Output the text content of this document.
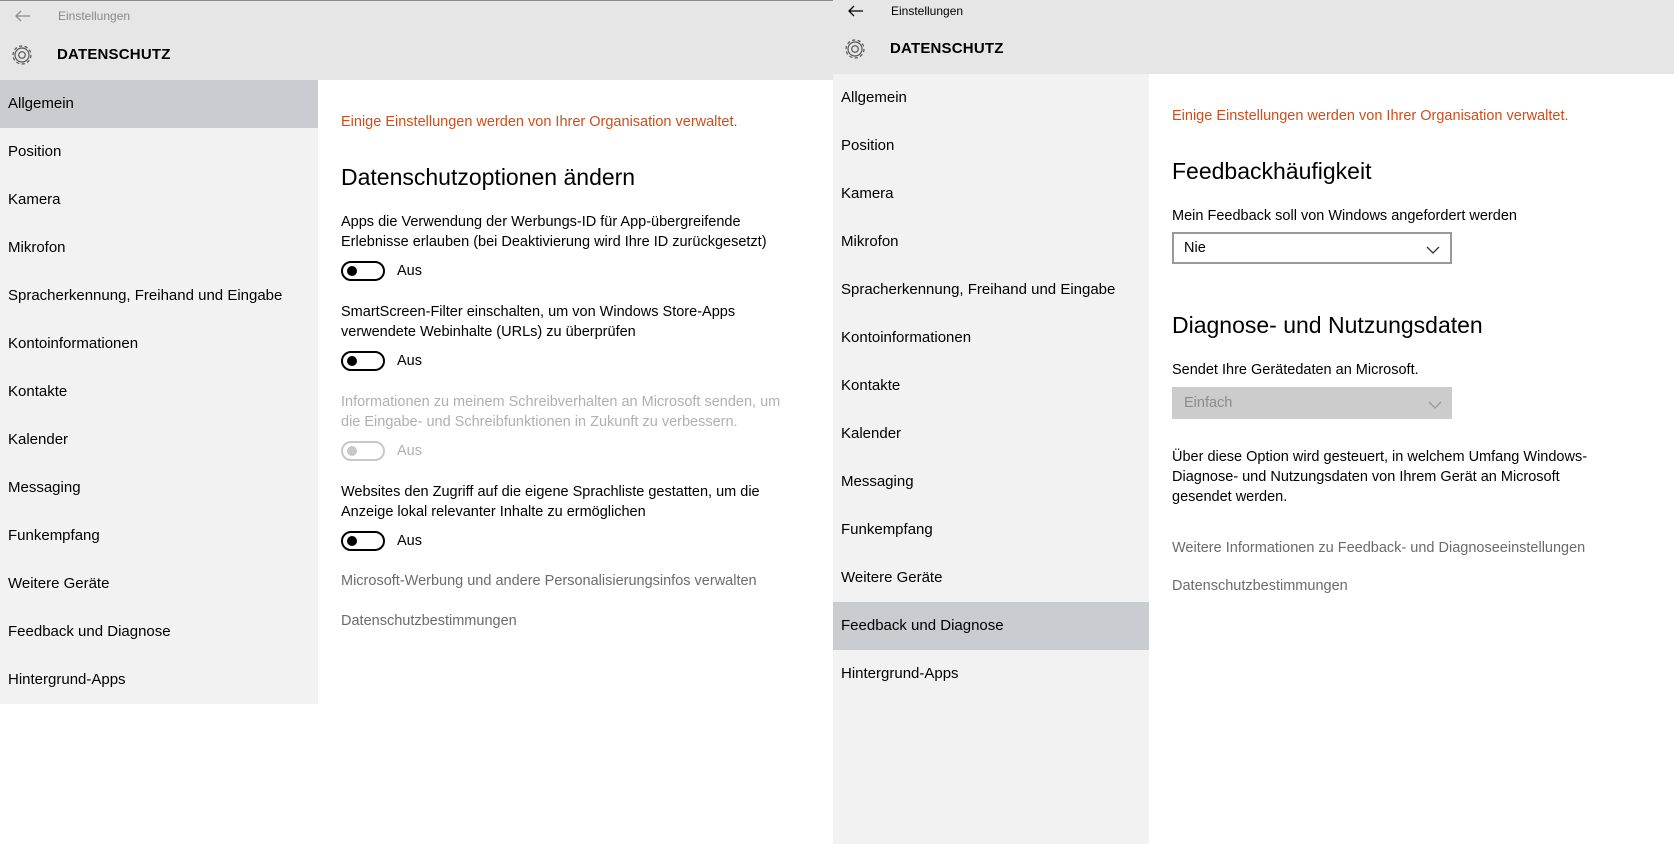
Einstellungen
DATENSCHUTZ
Allgemein
Position
Kamera
Mikrofon
Spracherkennung, Freihand und Eingabe
Kontoinformationen
Kontakte
Kalender
Messaging
Funkempfang
Weitere Geräte
Feedback und Diagnose
Hintergrund-Apps
Einige Einstellungen werden von Ihrer Organisation verwaltet.
Datenschutzoptionen ändern
Apps die Verwendung der Werbungs-ID für App-übergreifende Erlebnisse erlauben (bei Deaktivierung wird Ihre ID zurückgesetzt)
Aus
SmartScreen-Filter einschalten, um von Windows Store-Apps verwendete Webinhalte (URLs) zu überprüfen
Aus
Informationen zu meinem Schreibverhalten an Microsoft senden, um die Eingabe- und Schreibfunktionen in Zukunft zu verbessern.
Aus
Websites den Zugriff auf die eigene Sprachliste gestatten, um die Anzeige lokal relevanter Inhalte zu ermöglichen
Aus
Microsoft-Werbung und andere Personalisierungsinfos verwalten
Datenschutzbestimmungen
Einstellungen
DATENSCHUTZ
Allgemein
Position
Kamera
Mikrofon
Spracherkennung, Freihand und Eingabe
Kontoinformationen
Kontakte
Kalender
Messaging
Funkempfang
Weitere Geräte
Feedback und Diagnose
Hintergrund-Apps
Einige Einstellungen werden von Ihrer Organisation verwaltet.
Feedbackhäufigkeit
Mein Feedback soll von Windows angefordert werden
Nie
Diagnose- und Nutzungsdaten
Sendet Ihre Gerätedaten an Microsoft.
Einfach
Über diese Option wird gesteuert, in welchem Umfang Windows-Diagnose- und Nutzungsdaten von Ihrem Gerät an Microsoft gesendet werden.
Weitere Informationen zu Feedback- und Diagnoseeinstellungen
Datenschutzbestimmungen
